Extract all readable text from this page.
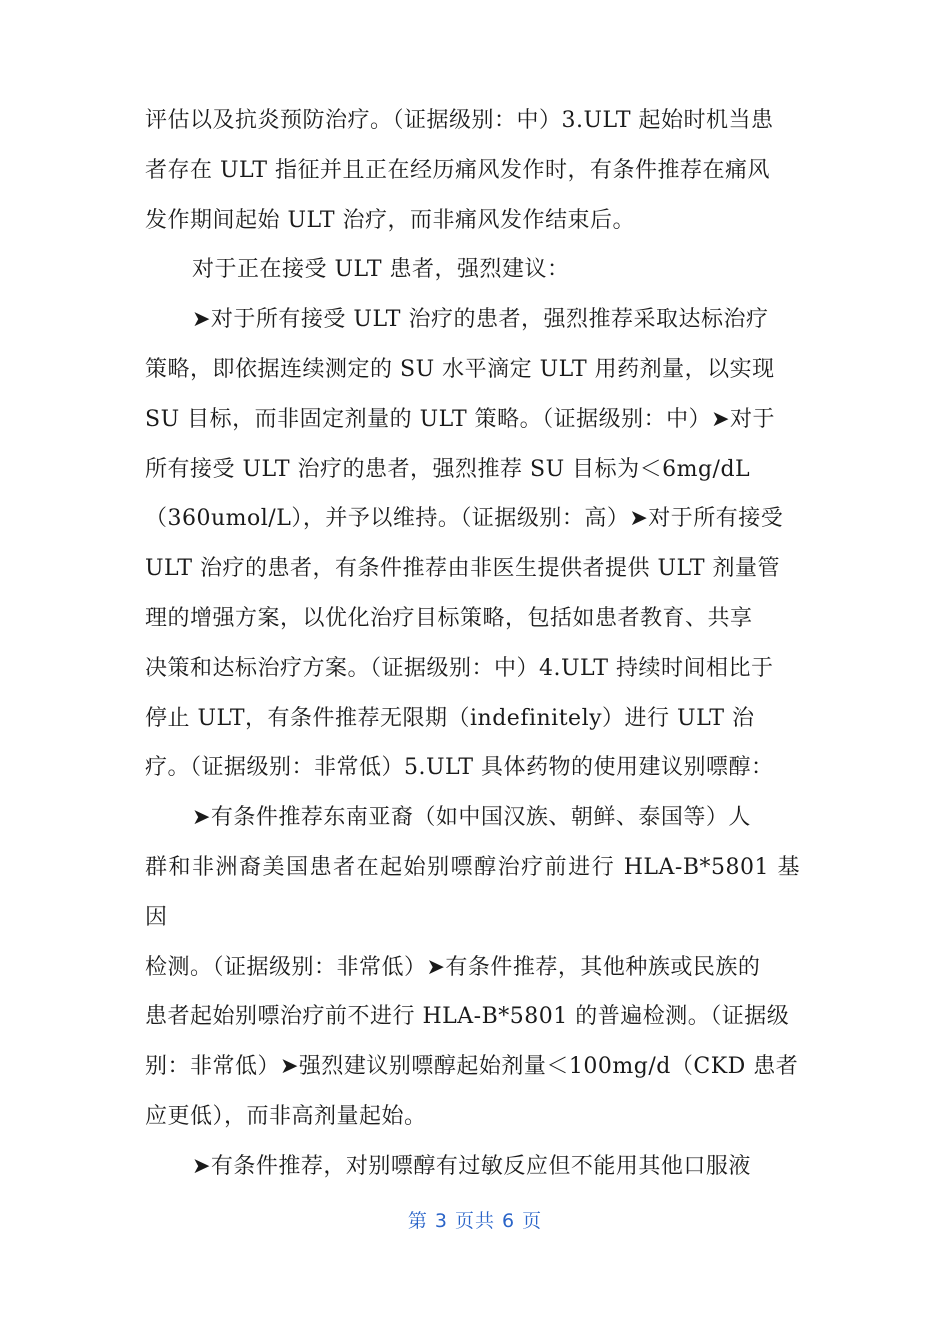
评估以及抗炎预防治疗。（证据级别：中）3.ULT 起始时机当患
者存在 ULT 指征并且正在经历痛风发作时，有条件推荐在痛风
发作期间起始 ULT 治疗，而非痛风发作结束后。

对于正在接受 ULT 患者，强烈建议：

➤对于所有接受 ULT 治疗的患者，强烈推荐采取达标治疗
策略，即依据连续测定的 SU 水平滴定 ULT 用药剂量，以实现
SU 目标，而非固定剂量的 ULT 策略。（证据级别：中）➤对于
所有接受 ULT 治疗的患者，强烈推荐 SU 目标为＜6mg/dL
（360umol/L），并予以维持。（证据级别：高）➤对于所有接受
ULT 治疗的患者，有条件推荐由非医生提供者提供 ULT 剂量管
理的增强方案，以优化治疗目标策略，包括如患者教育、共享
决策和达标治疗方案。（证据级别：中）4.ULT 持续时间相比于
停止 ULT，有条件推荐无限期（indefinitely）进行 ULT 治
疗。（证据级别：非常低）5.ULT 具体药物的使用建议别嘌醇：

➤有条件推荐东南亚裔（如中国汉族、朝鲜、泰国等）人
群和非洲裔美国患者在起始别嘌醇治疗前进行 HLA-B*5801 基因
检测。（证据级别：非常低）➤有条件推荐，其他种族或民族的
患者起始别嘌治疗前不进行 HLA-B*5801 的普遍检测。（证据级
别：非常低）➤强烈建议别嘌醇起始剂量＜100mg/d（CKD 患者
应更低），而非高剂量起始。

➤有条件推荐，对别嘌醇有过敏反应但不能用其他口服液

第 3 页共 6 页
